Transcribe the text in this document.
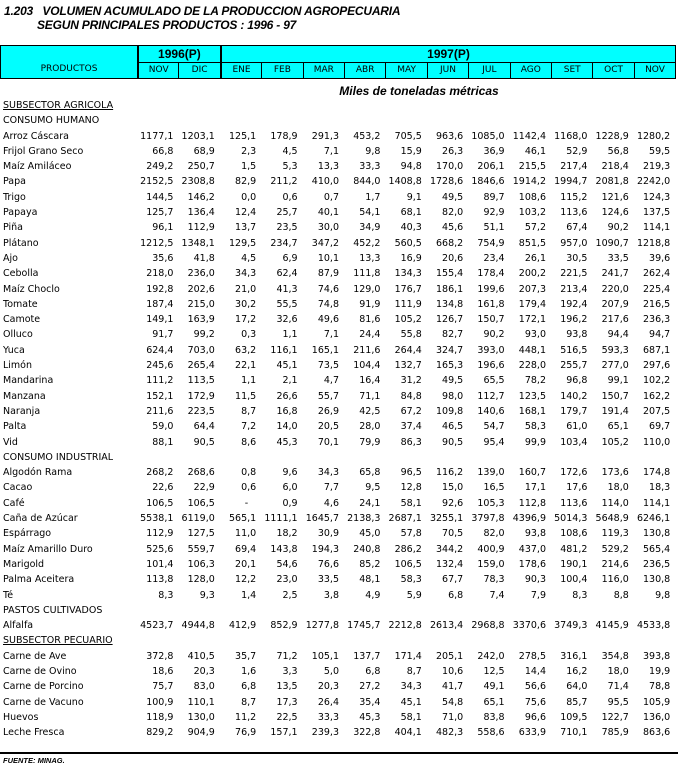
1.203   VOLUMEN ACUMULADO DE LA PRODUCCION AGROPECUARIA
SEGUN PRINCIPALES PRODUCTOS : 1996 - 97
PRODUCTOS
1996(P)	1997(P)
NOV	DIC	ENE	FEB	MAR	ABR	MAY	JUN	JUL	AGO	SET	OCT	NOV
Miles de toneladas métricas
SUBSECTOR AGRICOLA
CONSUMO HUMANO
Arroz Cáscara	1177,1 1203,1	125,1	178,9	291,3	453,2	705,5	963,6 1085,0 1142,4 1168,0 1228,9 1280,2
Frijol Grano Seco	66,8	68,9	2,3	4,5	7,1	9,8	15,9	26,3	36,9	46,1	52,9	56,8	59,5
Maíz Amiláceo	249,2	250,7	1,5	5,3	13,3	33,3	94,8	170,0	206,1	215,5	217,4	218,4	219,3
Papa	2152,5 2308,8	82,9	211,2	410,0	844,0 1408,8 1728,6 1846,6 1914,2 1994,7 2081,8 2242,0
Trigo	144,5	146,2	0,0	0,6	0,7	1,7	9,1	49,5	89,7	108,6	115,2	121,6	124,3
Papaya	125,7	136,4	12,4	25,7	40,1	54,1	68,1	82,0	92,9	103,2	113,6	124,6	137,5
Piña	96,1	112,9	13,7	23,5	30,0	34,9	40,3	45,6	51,1	57,2	67,4	90,2	114,1
Plátano	1212,5 1348,1	129,5	234,7	347,2	452,2	560,5	668,2	754,9	851,5	957,0 1090,7 1218,8
Ajo	35,6	41,8	4,5	6,9	10,1	13,3	16,9	20,6	23,4	26,1	30,5	33,5	39,6
Cebolla	218,0	236,0	34,3	62,4	87,9	111,8	134,3	155,4	178,4	200,2	221,5	241,7	262,4
Maíz Choclo	192,8	202,6	21,0	41,3	74,6	129,0	176,7	186,1	199,6	207,3	213,4	220,0	225,4
Tomate	187,4	215,0	30,2	55,5	74,8	91,9	111,9	134,8	161,8	179,4	192,4	207,9	216,5
Camote	149,1	163,9	17,2	32,6	49,6	81,6	105,2	126,7	150,7	172,1	196,2	217,6	236,3
Olluco	91,7	99,2	0,3	1,1	7,1	24,4	55,8	82,7	90,2	93,0	93,8	94,4	94,7
Yuca	624,4	703,0	63,2	116,1	165,1	211,6	264,4	324,7	393,0	448,1	516,5	593,3	687,1
Limón	245,6	265,4	22,1	45,1	73,5	104,4	132,7	165,3	196,6	228,0	255,7	277,0	297,6
Mandarina	111,2	113,5	1,1	2,1	4,7	16,4	31,2	49,5	65,5	78,2	96,8	99,1	102,2
Manzana	152,1	172,9	11,5	26,6	55,7	71,1	84,8	98,0	112,7	123,5	140,2	150,7	162,2
Naranja	211,6	223,5	8,7	16,8	26,9	42,5	67,2	109,8	140,6	168,1	179,7	191,4	207,5
Palta	59,0	64,4	7,2	14,0	20,5	28,0	37,4	46,5	54,7	58,3	61,0	65,1	69,7
Vid	88,1	90,5	8,6	45,3	70,1	79,9	86,3	90,5	95,4	99,9	103,4	105,2	110,0
CONSUMO INDUSTRIAL
Algodón Rama	268,2	268,6	0,8	9,6	34,3	65,8	96,5	116,2	139,0	160,7	172,6	173,6	174,8
Cacao	22,6	22,9	0,6	6,0	7,7	9,5	12,8	15,0	16,5	17,1	17,6	18,0	18,3
Café	106,5	106,5	-	0,9	4,6	24,1	58,1	92,6	105,3	112,8	113,6	114,0	114,1
Caña de Azúcar	5538,1 6119,0	565,1 1111,1 1645,7 2138,3 2687,1 3255,1 3797,8 4396,9 5014,3 5648,9 6246,1
Espárrago	112,9	127,5	11,0	18,2	30,9	45,0	57,8	70,5	82,0	93,8	108,6	119,3	130,8
Maíz Amarillo Duro	525,6	559,7	69,4	143,8	194,3	240,8	286,2	344,2	400,9	437,0	481,2	529,2	565,4
Marigold	101,4	106,3	20,1	54,6	76,6	85,2	106,5	132,4	159,0	178,6	190,1	214,6	236,5
Palma Aceitera	113,8	128,0	12,2	23,0	33,5	48,1	58,3	67,7	78,3	90,3	100,4	116,0	130,8
Té	8,3	9,3	1,4	2,5	3,8	4,9	5,9	6,8	7,4	7,9	8,3	8,8	9,8
PASTOS CULTIVADOS
Alfalfa	4523,7 4944,8	412,9	852,9 1277,8 1745,7 2212,8 2613,4 2968,8 3370,6 3749,3 4145,9 4533,8
SUBSECTOR PECUARIO
Carne de Ave	372,8	410,5	35,7	71,2	105,1	137,7	171,4	205,1	242,0	278,5	316,1	354,8	393,8
Carne de Ovino	18,6	20,3	1,6	3,3	5,0	6,8	8,7	10,6	12,5	14,4	16,2	18,0	19,9
Carne de Porcino	75,7	83,0	6,8	13,5	20,3	27,2	34,3	41,7	49,1	56,6	64,0	71,4	78,8
Carne de Vacuno	100,9	110,1	8,7	17,3	26,4	35,4	45,1	54,8	65,1	75,6	85,7	95,5	105,9
Huevos	118,9	130,0	11,2	22,5	33,3	45,3	58,1	71,0	83,8	96,6	109,5	122,7	136,0
Leche Fresca	829,2	904,9	76,9	157,1	239,3	322,8	404,1	482,3	558,6	633,9	710,1	785,9	863,6
FUENTE: MINAG.
